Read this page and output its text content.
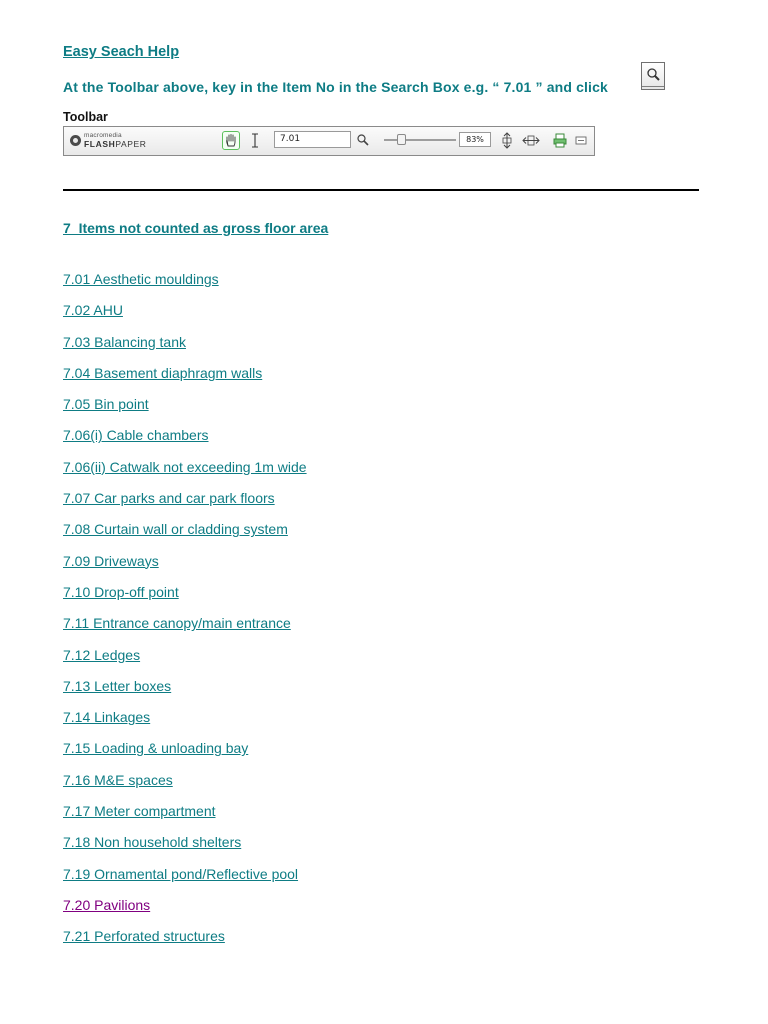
Easy Seach Help
At the Toolbar above, key in the Item No in the Search Box e.g. “ 7.01 ” and click
Toolbar
macromedia
FLASHPAPER	7.01	83%
7  Items not counted as gross floor area
7.01 Aesthetic mouldings
7.02 AHU
7.03 Balancing tank
7.04 Basement diaphragm walls
7.05 Bin point
7.06(i) Cable chambers
7.06(ii) Catwalk not exceeding 1m wide
7.07 Car parks and car park floors
7.08 Curtain wall or cladding system
7.09 Driveways
7.10 Drop-off point
7.11 Entrance canopy/main entrance
7.12 Ledges
7.13 Letter boxes
7.14 Linkages
7.15 Loading & unloading bay
7.16 M&E spaces
7.17 Meter compartment
7.18 Non household shelters
7.19 Ornamental pond/Reflective pool
7.20 Pavilions
7.21 Perforated structures
